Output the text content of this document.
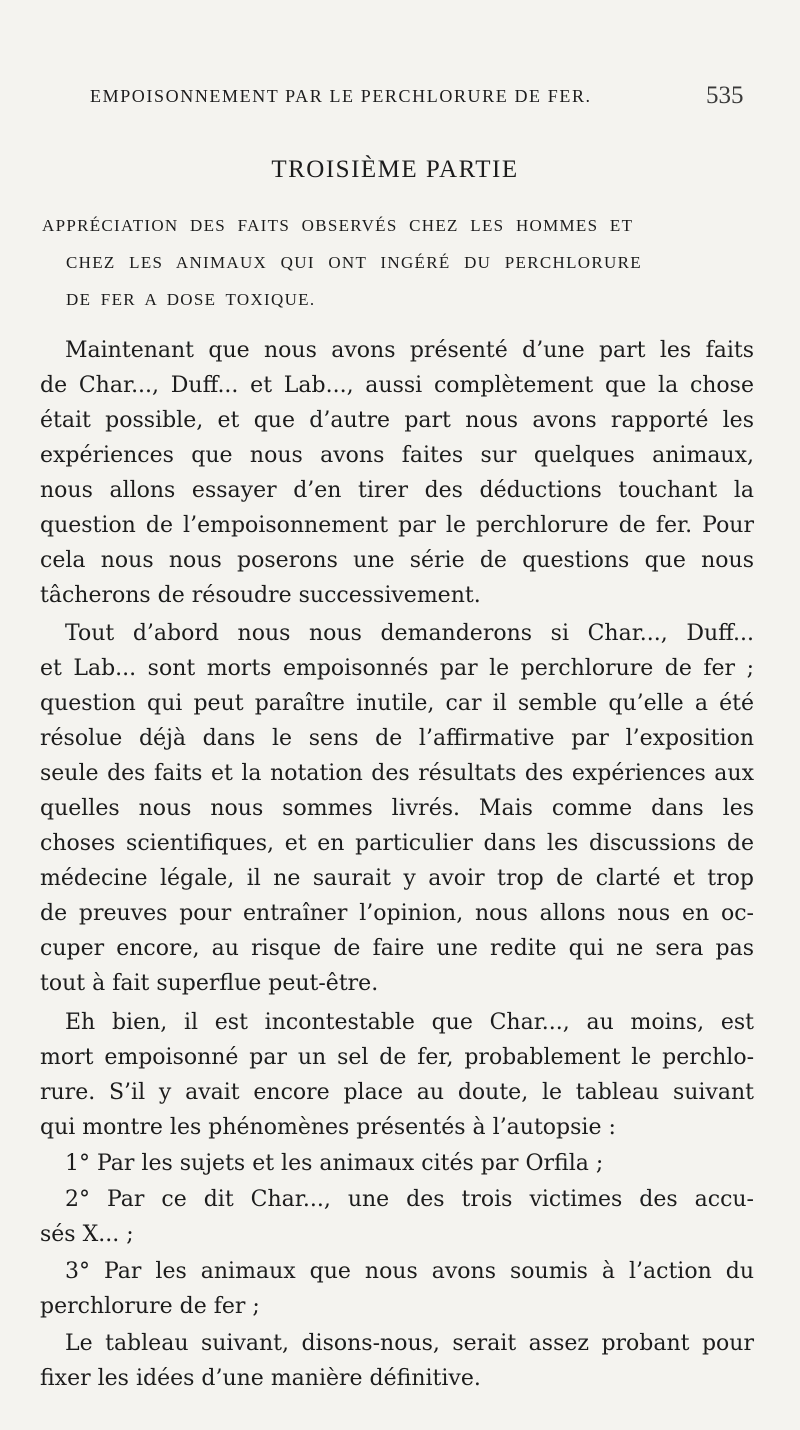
EMPOISONNEMENT PAR LE PERCHLORURE DE FER.	535
TROISIÈME PARTIE
APPRÉCIATION DES FAITS OBSERVÉS CHEZ LES HOMMES ET
CHEZ LES ANIMAUX QUI ONT INGÉRÉ DU PERCHLORURE
DE FER A DOSE TOXIQUE.
Maintenant que nous avons présenté d’une part les faits
de Char..., Duff... et Lab..., aussi complètement que la chose
était possible, et que d’autre part nous avons rapporté les
expériences que nous avons faites sur quelques animaux,
nous allons essayer d’en tirer des déductions touchant la
question de l’empoisonnement par le perchlorure de fer. Pour
cela nous nous poserons une série de questions que nous
tâcherons de résoudre successivement.
Tout d’abord nous nous demanderons si Char..., Duff...
et Lab... sont morts empoisonnés par le perchlorure de fer ;
question qui peut paraître inutile, car il semble qu’elle a été
résolue déjà dans le sens de l’affirmative par l’exposition
seule des faits et la notation des résultats des expériences aux
quelles nous nous sommes livrés. Mais comme dans les
choses scientifiques, et en particulier dans les discussions de
médecine légale, il ne saurait y avoir trop de clarté et trop
de preuves pour entraîner l’opinion, nous allons nous en oc-
cuper encore, au risque de faire une redite qui ne sera pas
tout à fait superflue peut-être.
Eh bien, il est incontestable que Char..., au moins, est
mort empoisonné par un sel de fer, probablement le perchlo-
rure. S’il y avait encore place au doute, le tableau suivant
qui montre les phénomènes présentés à l’autopsie :
1° Par les sujets et les animaux cités par Orfila ;
2° Par ce dit Char..., une des trois victimes des accu-
sés X... ;
3° Par les animaux que nous avons soumis à l’action du
perchlorure de fer ;
Le tableau suivant, disons-nous, serait assez probant pour
fixer les idées d’une manière définitive.
